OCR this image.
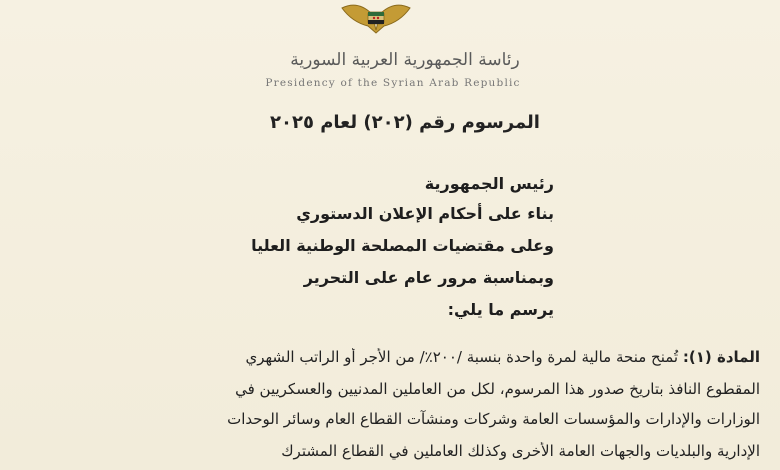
رئاسة الجمهورية العربية السورية
Presidency of the Syrian Arab Republic
المرسوم رقم (٢٠٢) لعام ٢٠٢٥
رئيس الجمهورية
بناء على أحكام الإعلان الدستوري
وعلى مقتضيات المصلحة الوطنية العليا
وبمناسبة مرور عام على التحرير
يرسم ما يلي:
المادة (١): تُمنح منحة مالية لمرة واحدة بنسبة /٢٠٠٪/ من الأجر أو الراتب الشهري
المقطوع النافذ بتاريخ صدور هذا المرسوم، لكل من العاملين المدنيين والعسكريين في
الوزارات والإدارات والمؤسسات العامة وشركات ومنشآت القطاع العام وسائر الوحدات
الإدارية والبلديات والجهات العامة الأخرى وكذلك العاملين في القطاع المشترك
